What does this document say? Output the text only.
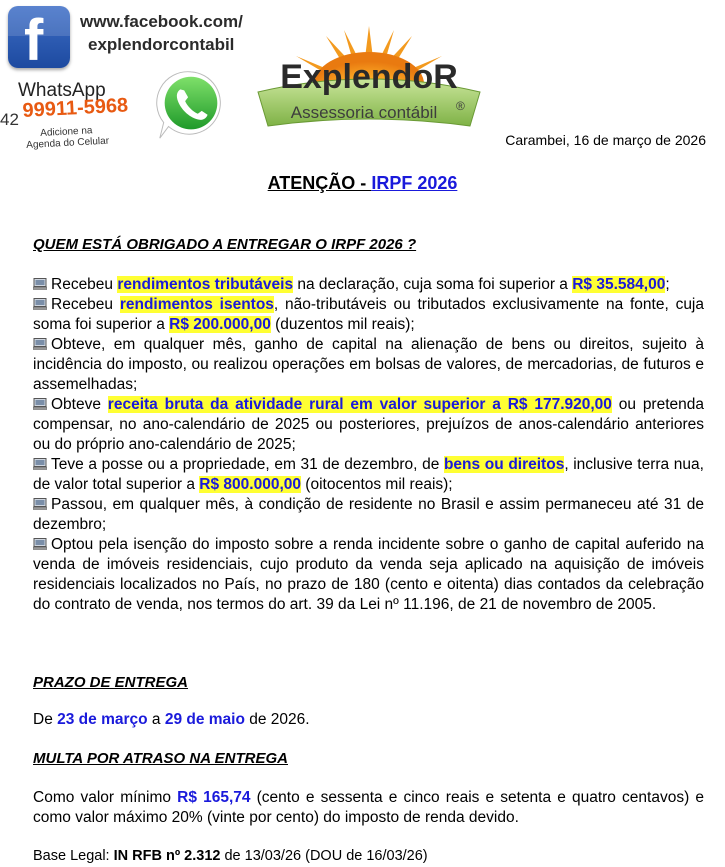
f www.facebook.com/
explendorcontabil
WhatsApp
42 99911-5968
Adicione na
Agenda do Celular
ExplendoR
Assessoria contábil ®
Carambei, 16 de março de 2026
ATENÇÃO - IRPF 2026
QUEM ESTÁ OBRIGADO A ENTREGAR O IRPF 2026 ?

Recebeu rendimentos tributáveis na declaração, cuja soma foi superior a R$ 35.584,00;

Recebeu rendimentos isentos, não-tributáveis ou tributados exclusivamente na fonte, cuja soma foi superior a R$ 200.000,00 (duzentos mil reais);

Obteve, em qualquer mês, ganho de capital na alienação de bens ou direitos, sujeito à incidência do imposto, ou realizou operações em bolsas de valores, de mercadorias, de futuros e assemelhadas;

Obteve receita bruta da atividade rural em valor superior a R$ 177.920,00 ou pretenda compensar, no ano-calendário de 2025 ou posteriores, prejuízos de anos-calendário anteriores ou do próprio ano-calendário de 2025;

Teve a posse ou a propriedade, em 31 de dezembro, de bens ou direitos, inclusive terra nua, de valor total superior a R$ 800.000,00 (oitocentos mil reais);

Passou, em qualquer mês, à condição de residente no Brasil e assim permaneceu até 31 de dezembro;

Optou pela isenção do imposto sobre a renda incidente sobre o ganho de capital auferido na venda de imóveis residenciais, cujo produto da venda seja aplicado na aquisição de imóveis residenciais localizados no País, no prazo de 180 (cento e oitenta) dias contados da celebração do contrato de venda, nos termos do art. 39 da Lei nº 11.196, de 21 de novembro de 2005.

PRAZO DE ENTREGA
De 23 de março a 29 de maio de 2026.
MULTA POR ATRASO NA ENTREGA
Como valor mínimo R$ 165,74 (cento e sessenta e cinco reais e setenta e quatro centavos) e como valor máximo 20% (vinte por cento) do imposto de renda devido.
Base Legal: IN RFB nº 2.312 de 13/03/26 (DOU de 16/03/26)
